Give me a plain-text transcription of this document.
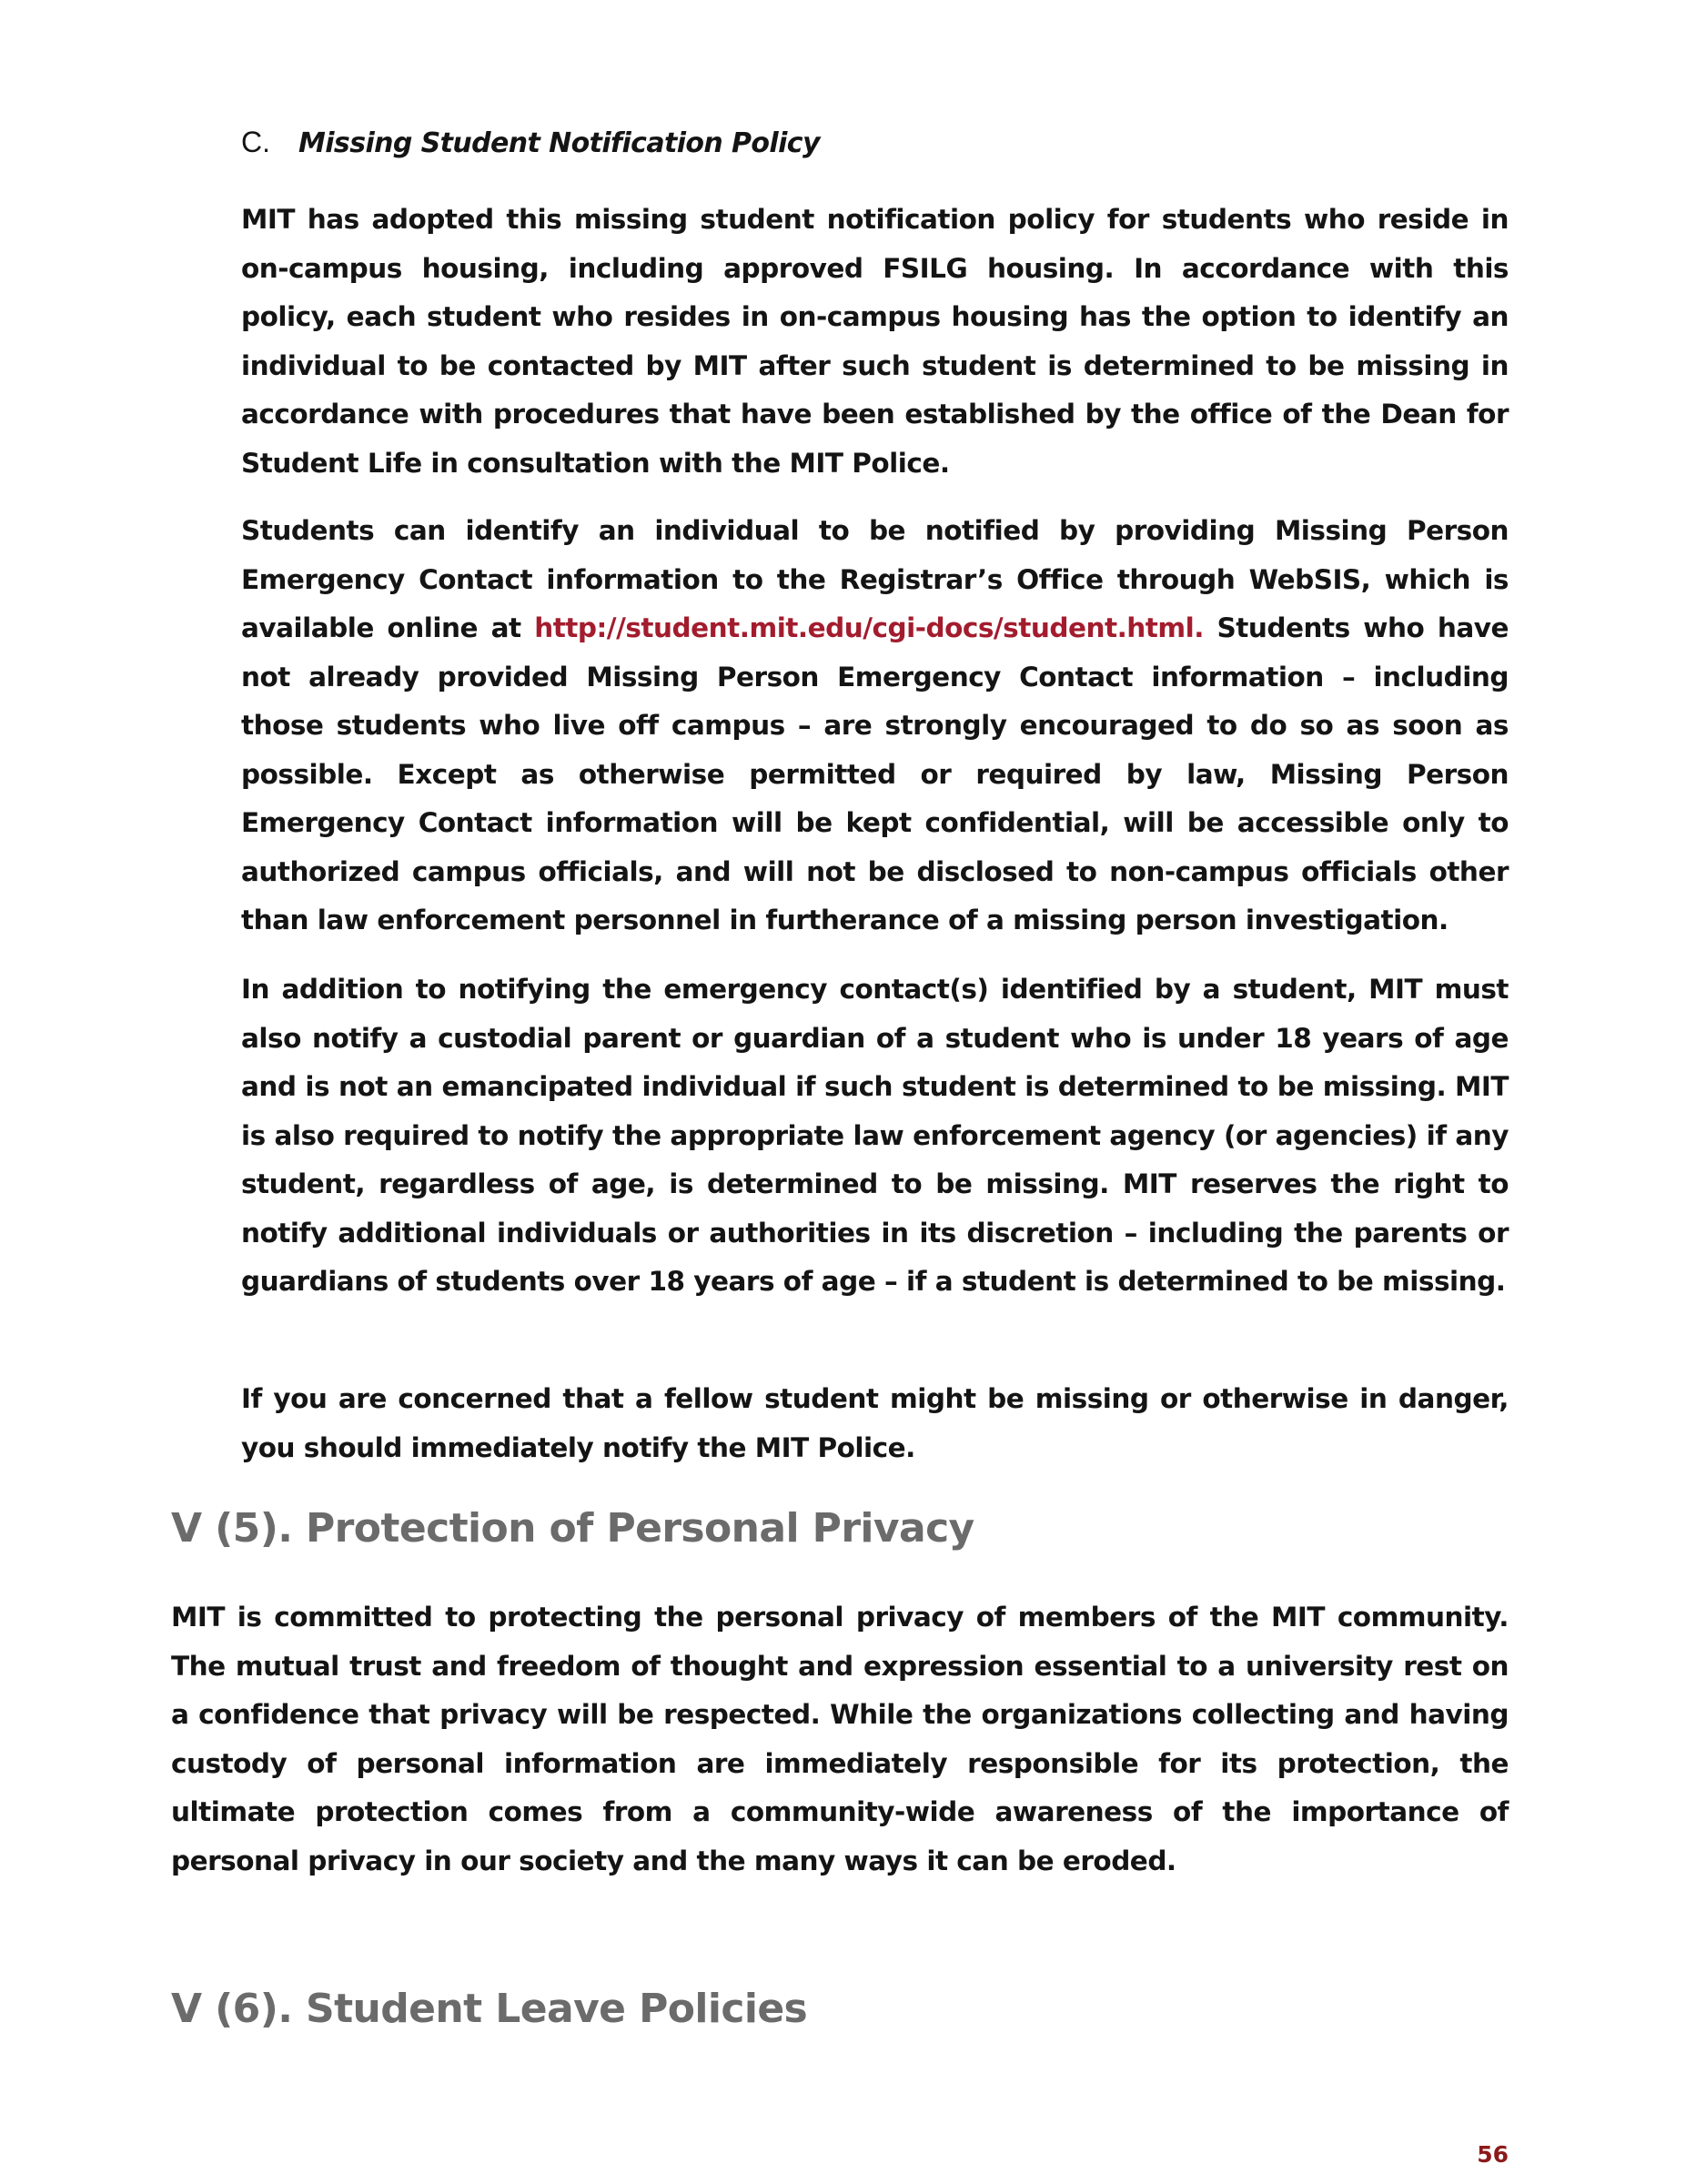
C. Missing Student Notification Policy

MIT has adopted this missing student notification policy for students who reside in on-campus housing, including approved FSILG housing. In accordance with this policy, each student who resides in on-campus housing has the option to identify an individual to be contacted by MIT after such student is determined to be missing in accordance with procedures that have been established by the office of the Dean for Student Life in consultation with the MIT Police.

Students can identify an individual to be notified by providing Missing Person Emergency Contact information to the Registrar’s Office through WebSIS, which is available online at http://student.mit.edu/cgi-docs/student.html. Students who have not already provided Missing Person Emergency Contact information – including those students who live off campus – are strongly encouraged to do so as soon as possible. Except as otherwise permitted or required by law, Missing Person Emergency Contact information will be kept confidential, will be accessible only to authorized campus officials, and will not be disclosed to non-campus officials other than law enforcement personnel in furtherance of a missing person investigation.

In addition to notifying the emergency contact(s) identified by a student, MIT must also notify a custodial parent or guardian of a student who is under 18 years of age and is not an emancipated individual if such student is determined to be missing. MIT is also required to notify the appropriate law enforcement agency (or agencies) if any student, regardless of age, is determined to be missing. MIT reserves the right to notify additional individuals or authorities in its discretion – including the parents or guardians of students over 18 years of age – if a student is determined to be missing.

If you are concerned that a fellow student might be missing or otherwise in danger, you should immediately notify the MIT Police.

V (5). Protection of Personal Privacy

MIT is committed to protecting the personal privacy of members of the MIT community. The mutual trust and freedom of thought and expression essential to a university rest on a confidence that privacy will be respected. While the organizations collecting and having custody of personal information are immediately responsible for its protection, the ultimate protection comes from a community-wide awareness of the importance of personal privacy in our society and the many ways it can be eroded.

V (6). Student Leave Policies
56
